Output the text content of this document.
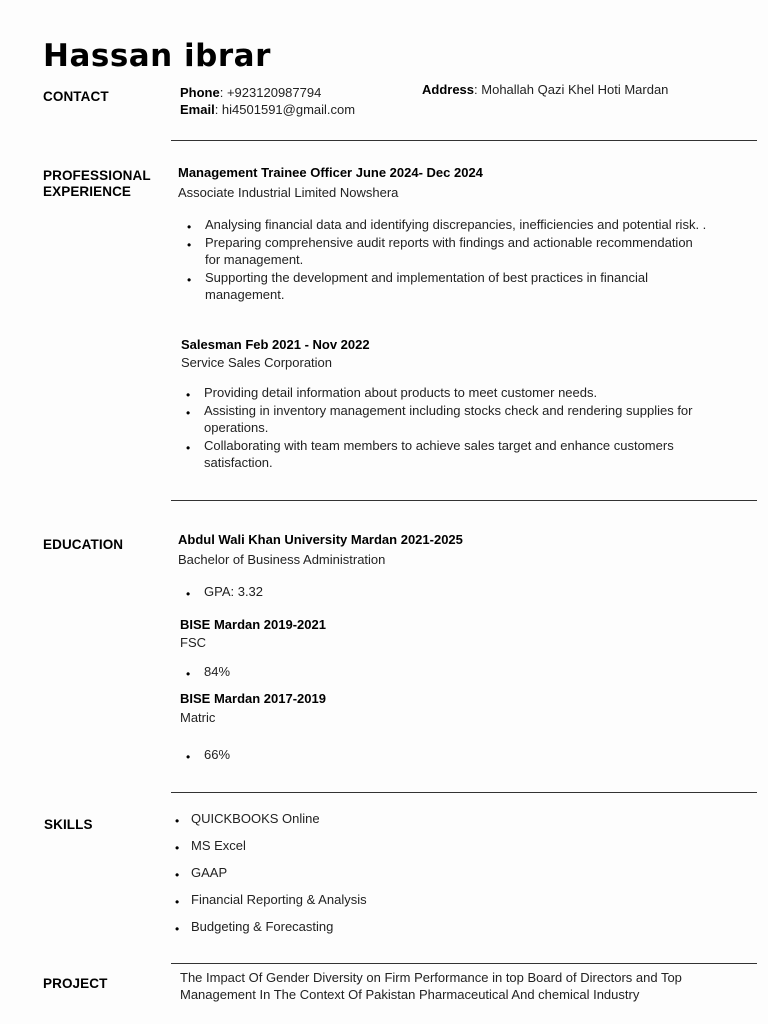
Hassan ibrar
CONTACT	Phone: +923120987794
Email: hi4501591@gmail.com
Address: Mohallah Qazi Khel Hoti Mardan
PROFESSIONAL
EXPERIENCE
Management Trainee Officer June 2024- Dec 2024
Associate Industrial Limited Nowshera
• Analysing financial data and identifying discrepancies, inefficiencies and potential risk. .
• Preparing comprehensive audit reports with findings and actionable recommendation for management.
• Supporting the development and implementation of best practices in financial management.
Salesman Feb 2021 - Nov 2022
Service Sales Corporation
• Providing detail information about products to meet customer needs.
• Assisting in inventory management including stocks check and rendering supplies for operations.
• Collaborating with team members to achieve sales target and enhance customers satisfaction.
EDUCATION	Abdul Wali Khan University Mardan 2021-2025
Bachelor of Business Administration
• GPA: 3.32
BISE Mardan 2019-2021
FSC
• 84%
BISE Mardan 2017-2019
Matric
• 66%
SKILLS
•	QUICKBOOKS Online
• MS Excel
• GAAP
• Financial Reporting & Analysis
• Budgeting & Forecasting
PROJECT	The Impact Of Gender Diversity on Firm Performance in top Board of Directors and Top Management In The Context Of Pakistan Pharmaceutical And chemical Industry
